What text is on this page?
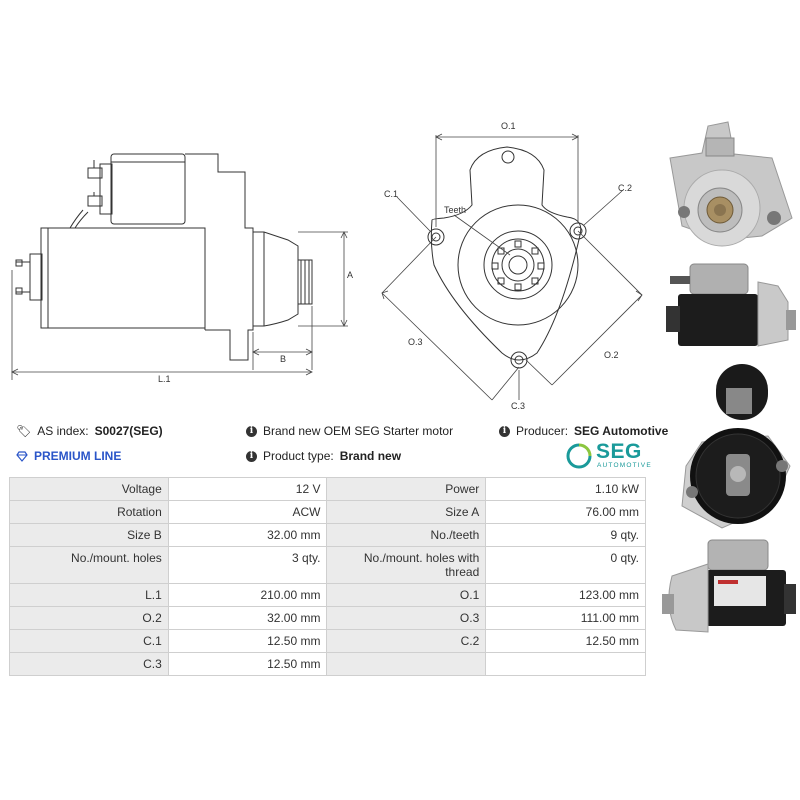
A
B
L.1
O.1
C.1
C.2
Teeth
O.3
O.2
C.3
🏷 AS index: S0027(SEG)
PREMIUM LINE
i Brand new OEM SEG Starter motor
i Product type: Brand new
i Producer: SEG Automotive
SEG
AUTOMOTIVE
Voltage	12 V	Power	1.10 kW
Rotation	ACW	Size A	76.00 mm
Size B	32.00 mm	No./teeth	9 qty.
No./mount. holes	3 qty.	No./mount. holes with thread	0 qty.
L.1	210.00 mm	O.1	123.00 mm
O.2	32.00 mm	O.3	111.00 mm
C.1	12.50 mm	C.2	12.50 mm
C.3	12.50 mm		
